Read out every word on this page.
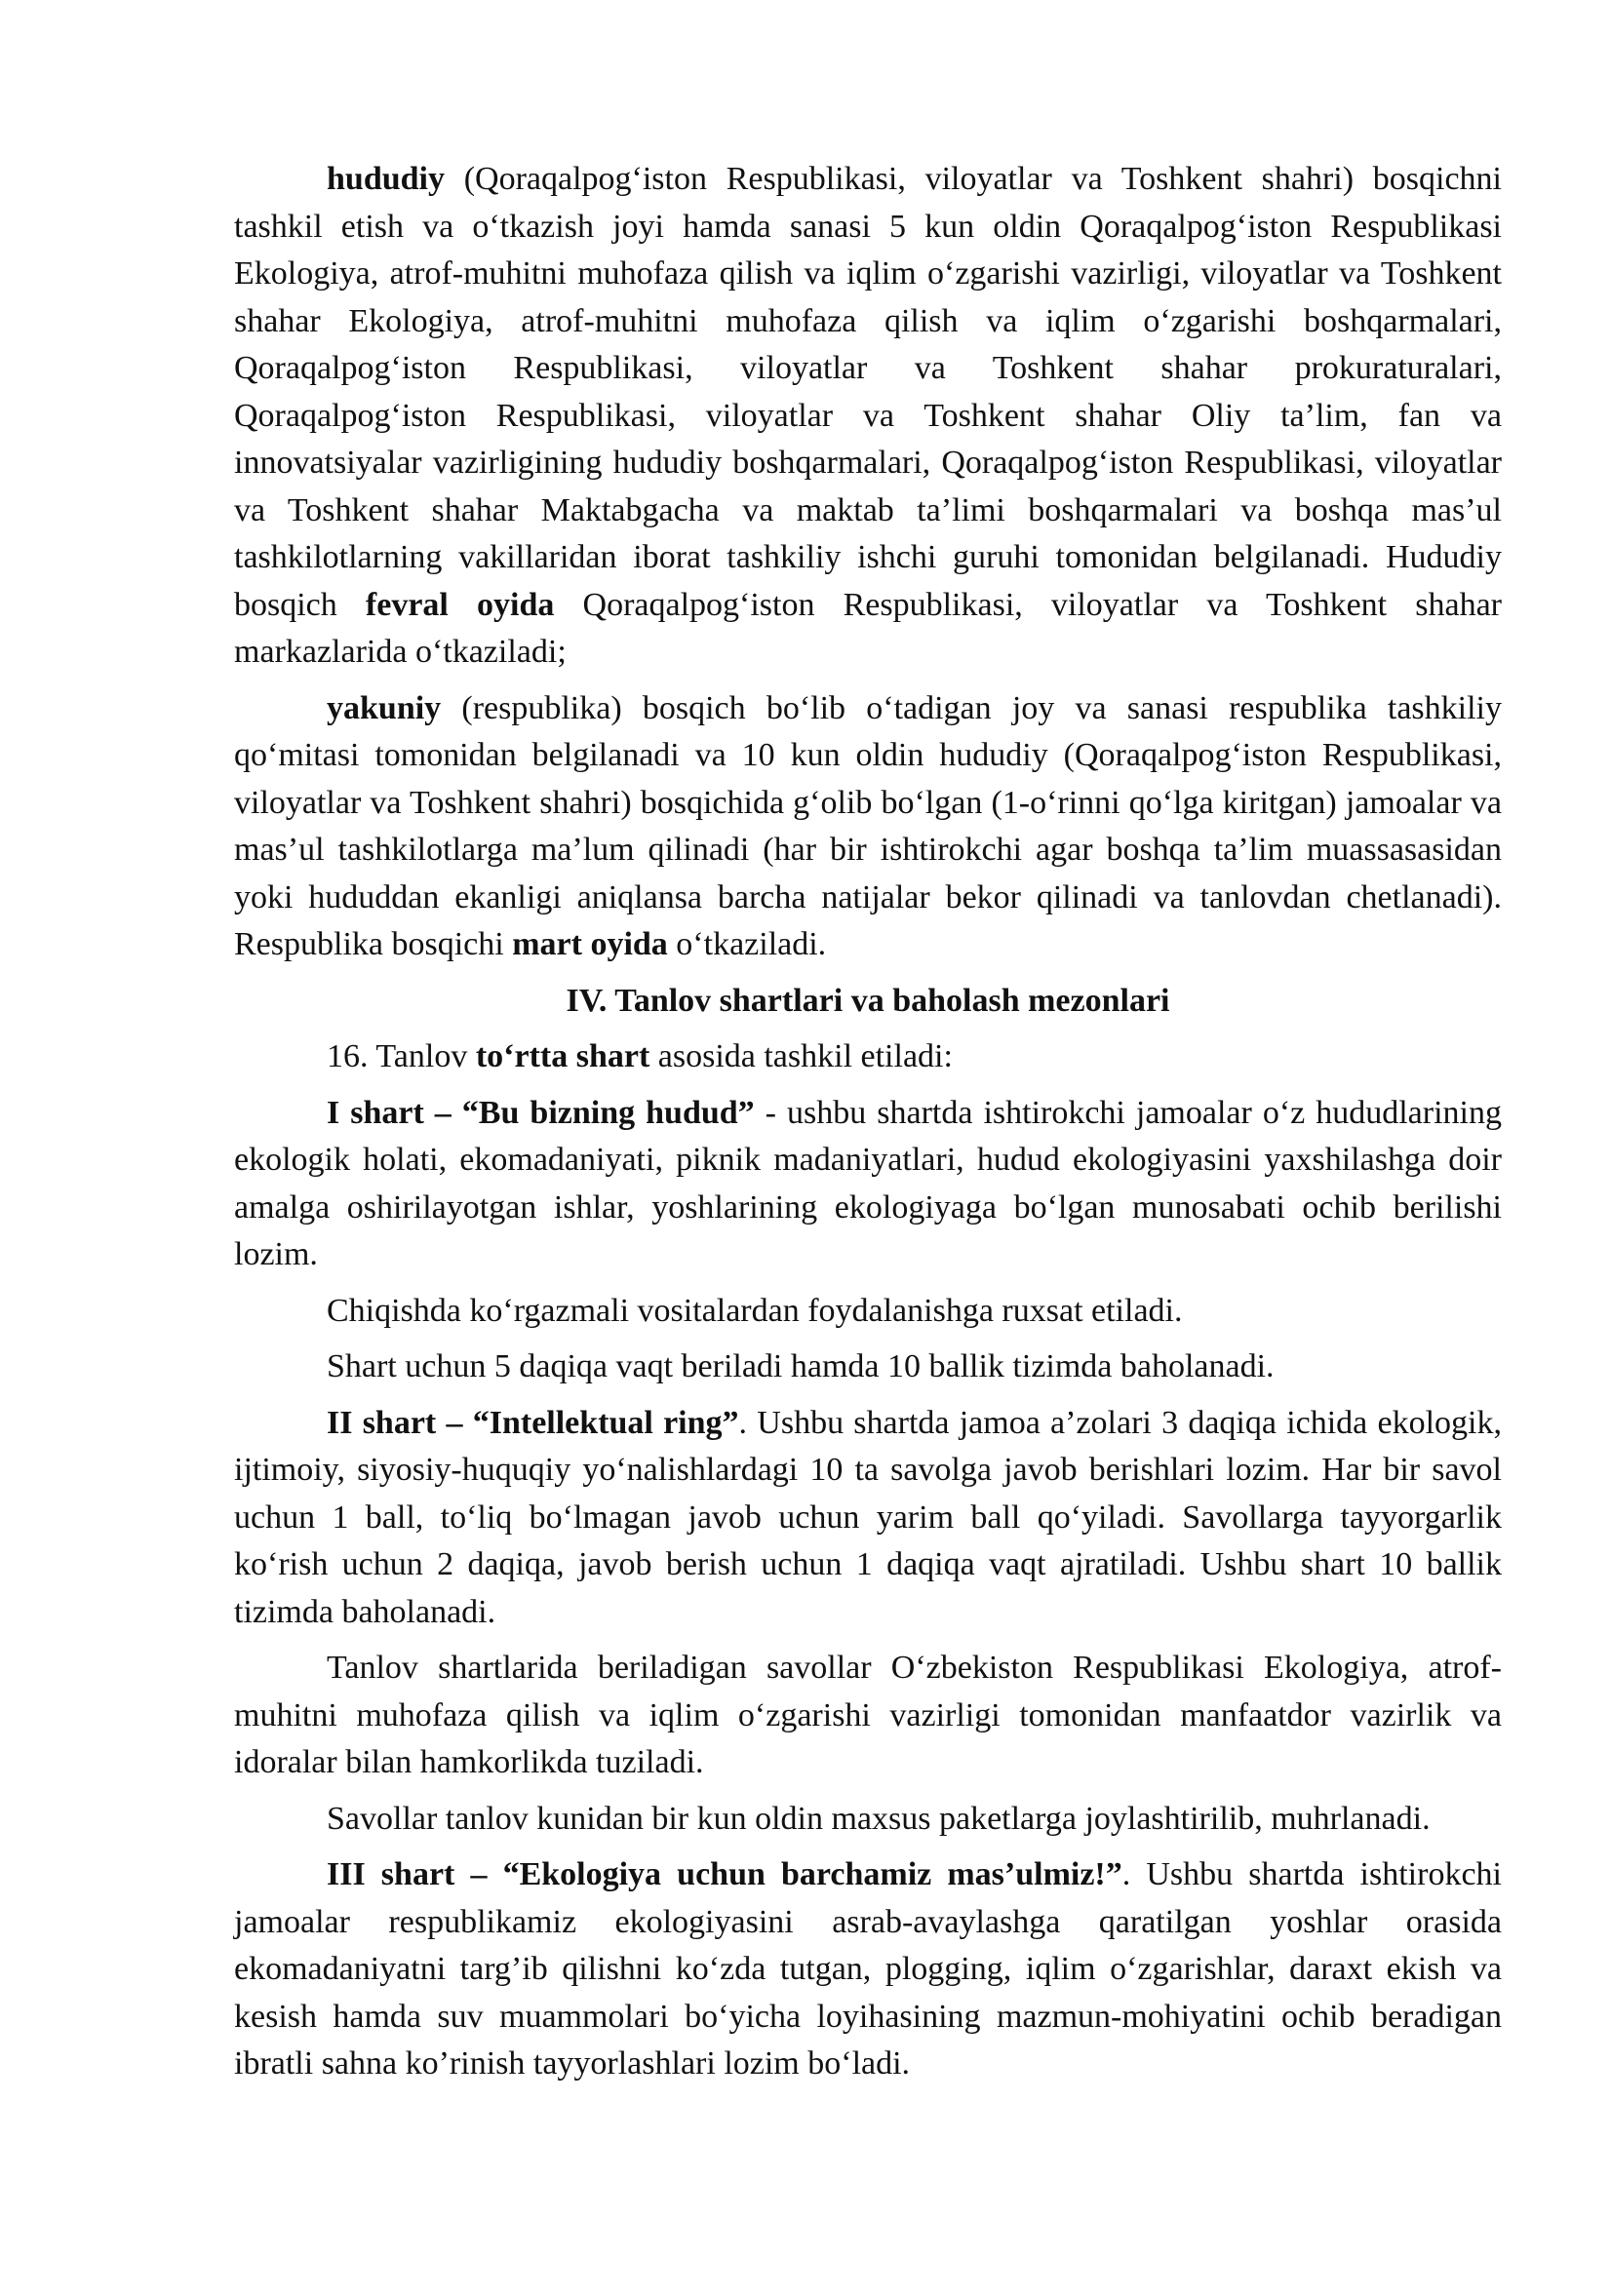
hududiy (Qoraqalpog‘iston Respublikasi, viloyatlar va Toshkent shahri) bosqichni tashkil etish va o‘tkazish joyi hamda sanasi 5 kun oldin Qoraqalpog‘iston Respublikasi Ekologiya, atrof-muhitni muhofaza qilish va iqlim o‘zgarishi vazirligi, viloyatlar va Toshkent shahar Ekologiya, atrof-muhitni muhofaza qilish va iqlim o‘zgarishi boshqarmalari, Qoraqalpog‘iston Respublikasi, viloyatlar va Toshkent shahar prokuraturalari, Qoraqalpog‘iston Respublikasi, viloyatlar va Toshkent shahar Oliy ta’lim, fan va innovatsiyalar vazirligining hududiy boshqarmalari, Qoraqalpog‘iston Respublikasi, viloyatlar va Toshkent shahar Maktabgacha va maktab ta’limi boshqarmalari va boshqa mas’ul tashkilotlarning vakillaridan iborat tashkiliy ishchi guruhi tomonidan belgilanadi. Hududiy bosqich fevral oyida Qoraqalpog‘iston Respublikasi, viloyatlar va Toshkent shahar markazlarida o‘tkaziladi;

yakuniy (respublika) bosqich bo‘lib o‘tadigan joy va sanasi respublika tashkiliy qo‘mitasi tomonidan belgilanadi va 10 kun oldin hududiy (Qoraqalpog‘iston Respublikasi, viloyatlar va Toshkent shahri) bosqichida g‘olib bo‘lgan (1-o‘rinni qo‘lga kiritgan) jamoalar va mas’ul tashkilotlarga ma’lum qilinadi (har bir ishtirokchi agar boshqa ta’lim muassasasidan yoki hududdan ekanligi aniqlansa barcha natijalar bekor qilinadi va tanlovdan chetlanadi). Respublika bosqichi mart oyida o‘tkaziladi.

IV. Tanlov shartlari va baholash mezonlari

16. Tanlov to‘rtta shart asosida tashkil etiladi:

I shart – “Bu bizning hudud” - ushbu shartda ishtirokchi jamoalar o‘z hududlarining ekologik holati, ekomadaniyati, piknik madaniyatlari, hudud ekologiyasini yaxshilashga doir amalga oshirilayotgan ishlar, yoshlarining ekologiyaga bo‘lgan munosabati ochib berilishi lozim.

Chiqishda ko‘rgazmali vositalardan foydalanishga ruxsat etiladi.

Shart uchun 5 daqiqa vaqt beriladi hamda 10 ballik tizimda baholanadi.

II shart – “Intellektual ring”. Ushbu shartda jamoa a’zolari 3 daqiqa ichida ekologik, ijtimoiy, siyosiy-huquqiy yo‘nalishlardagi 10 ta savolga javob berishlari lozim. Har bir savol uchun 1 ball, to‘liq bo‘lmagan javob uchun yarim ball qo‘yiladi. Savollarga tayyorgarlik ko‘rish uchun 2 daqiqa, javob berish uchun 1 daqiqa vaqt ajratiladi. Ushbu shart 10 ballik tizimda baholanadi.

Tanlov shartlarida beriladigan savollar O‘zbekiston Respublikasi Ekologiya, atrof-muhitni muhofaza qilish va iqlim o‘zgarishi vazirligi tomonidan manfaatdor vazirlik va idoralar bilan hamkorlikda tuziladi.

Savollar tanlov kunidan bir kun oldin maxsus paketlarga joylashtirilib, muhrlanadi.

III shart – “Ekologiya uchun barchamiz mas’ulmiz!”. Ushbu shartda ishtirokchi jamoalar respublikamiz ekologiyasini asrab-avaylashga qaratilgan yoshlar orasida ekomadaniyatni targ’ib qilishni ko‘zda tutgan, plogging, iqlim o‘zgarishlar, daraxt ekish va kesish hamda suv muammolari bo‘yicha loyihasining mazmun-mohiyatini ochib beradigan ibratli sahna ko’rinish tayyorlashlari lozim bo‘ladi.
